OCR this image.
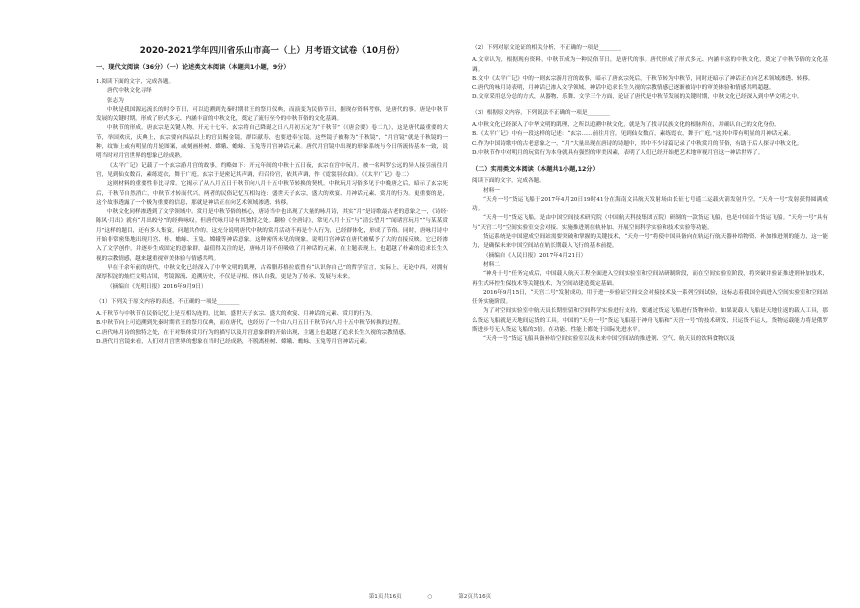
2020-2021学年四川省乐山市高一（上）月考语文试卷（10月份）
一、现代文阅读（36分）（一）论述类文本阅读（本题共1小题，9分）

1.阅读下面的文字，完成各题。

唐代中秋文化寻绎

张志为

中秋是我国源远流长的时令节日，可以追溯到先秦时期君王的祭月仪典，而演变为民俗节日，据现存资料考察，是唐代的事。唐是中秋节发展的关键时期，形成了形式多元、内涵丰富的中秋文化，奠定了流行至今的中秋节俗的文化基调。

中秋节的形成，唐玄宗是关键人物。开元十七年，玄宗将自己降诞之日八月初五定为“千秋节”（《唐会要》卷二九），这是唐代最重要的大节，举国欢庆，庆典上，玄宗要向四品以上的官员赐金镜，群臣献寿，也要进奉宝镜。这些镜子被称为“千秋镜”，“月宫镜”就是千秋镜的一种，纹饰上或有明显的月轮图案，或刻画桂树、嫦娥、蟾蜍、玉兔等月宫神话元素。唐代月宫镜中出现的形象系统与今日所流传基本一致，说明当时对月宫世界的想象已经成熟。

《太平广记》记载了一个玄宗游月宫的故事，约略如下：开元年间的中秋十五日夜，玄宗在宫中玩月，被一名叫罗公远的异人接引前往月宫，见到仙女数百，素练霓衣，舞于广庭。玄宗于是密记其声调，归召伶官，依其声调，作《霓裳羽衣曲》。（《太平广记》卷二）

这则材料的重要性非比寻常。它揭示了从八月五日千秋节向八月十五中秋节转换的契机。中秋玩月习俗多见于中晚唐之后，暗示了玄宗死后，千秋节自然消亡，中秋节才转而代兴。两者的民俗记忆互相勾连：盛世天子玄宗，盛大的欢宴、月神话元素、赏月的行为。更重要的是，这个故事透露了一个极为重要的信息，那就是神话正在向艺术领域渗透、转移。

中秋文化同样渗透到了文学领域中。赏月是中秋节俗的核心，唐诗当中也出现了大量的咏月诗，其实“月”是诗歌最古老的意象之一，《诗经·陈风·月出》就有“月出皎兮”的经典咏叹。但唐代咏月诗有其独特之处。翻检《全唐诗》，常见八月十五”与“清公望月”“闻诸宫玩月”“与某某赏月”这样的题目，还有多人集宴，问题共作的。这充分说明唐代中秋的赏月活动不再是个人行为，已经群体化，形成了节俗。同时，唐咏月诗中开始非常密集地出现月宫、桂、蟾蜍、玉兔、嫦娥等神话意象。这种密所未见的现象，说明月宫神话在唐代被赋予了大的直接反映。它已经渗入了文学创作，并逐步生成固定的意象群。最值得关注的是，唐咏月诗不但吸收了月神话的元素，在主题表现上，也超越了朴素的追求长生久视的宗教情感，越来越重视审美体验与情感共鸣。

早在千余年前的唐代，中秋文化已经深入了中华文明的肌理，古希腊苏格拉底曾有“认识你自己”的哲学宣言，实际上，无论中西，对拥有深厚积淀的灿烂文明古国，考镜源流、追溯历史，不仅是寻根、体认自我，更是为了传承、发展与未来。

（摘编自《光明日报》2016年9月9日）

（1）下列关于原文内容的表述，不正确的一项是________

A.千秋节与中秋节在民俗记忆上是互相勾连的，比如，盛世天子玄宗、盛大的欢宴、月神话的元素、赏月的行为。

B.中秋节向上可追溯到先秦时期君王的祭月仪典，而在唐代，也经历了一个由八月五日千秋节向八月十五中秋节转换的过程。

C.唐代咏月诗的独特之处，在于对集体赏月行为的描写以及月宫意象群的开始出现，主题上也超越了追求长生久视的宗教情感。

D.唐代月宫镜来看，人们对月宫世界的想象在当时已经成熟，不脱离桂树、嫦娥、蟾蜍、玉兔等月宫神话元素。

（2）下列对原文论证的相关分析，不正确的一项是________

A.文章认为，根据现有资料，中秋节成为一种民俗节日，是唐代的事。唐代形成了形式多元、内涵丰富的中秋文化，奠定了中秋节俗的文化基调。

B.文中《太平广记》中的一则玄宗游月宫的故事，暗示了唐玄宗死后，千秋节转为中秋节，同时还暗示了神话正在向艺术领域渗透、转移。

C.唐代的咏月诗表明，月神话已渗入文学领域，神话中追求长生久视的宗教情感已逐渐被诗中的审美体验和情感共鸣超越。

D.文章采用总分总的方式，从器物、乐舞、文学三个方面，论证了唐代是中秋节发展的关键时期，中秋文化已经深入到中华文明之中。

（3）根据原文内容，下列说法不正确的一项是________

A.中秋文化已经深入了中华文明的肌理，之所以追溯中秋文化，就是为了找寻民族文化的根脉所在，并确认自己的文化身份。

B.《太平广记》中有一段这样的记述：“玄宗……前往月宫，见到仙女数百，素练霓衣，舞于广庭。”这其中带有明显的月神话元素。

C.作为中国诗歌中的古老意象之一，“月”大量出现在唐诗的诗题中，其中不少诗篇记录了中秋赏月的节俗，有助于后人探寻中秋文化。

D.中秋节作中对明月的玩赏行为本身就具有强烈的审美因素，表明了人们已经开始把艺术地审视月宫这一神话世界了。

（二）实用类文本阅读（本题共1小题,12分）

阅读下面的文字，完成各题。

材料一

“天舟一号”货运飞船于2017年4月20日19时41分在海南文昌航天发射场由长征七号遥二运载火箭发射升空，“天舟一号”发射获得圆满成功。

“天舟一号”货运飞船，是由中国空间技术研究院（中国航天科技集团五院）研制的一款货运飞船，也是中国首个货运飞船。“天舟一号”具有与“天宫二号”空间实验室交会对接、实施推进剂在轨补加、开展空间科学实验和技术实验等功能。

货运系统是中国建成空间站需要突破和掌握的关键技术，“天舟一号”将使中国具备向在轨运行航天器补给物资、补加推进剂的能力，这一能力，是确保未来中国空间站在轨长期载人飞行的基本前提。

（摘编自《人民日报》2017年4月21日）

材料二

“神舟十号”任务完成后，中国载人航天工程全面进入空间实验室和空间站研制阶段，而在空间实验室阶段，将突破并验证推进剂补加技术，再生式环控生保技术等关键技术，为空间站建造奠定基础。

2016年9月15日，“天宫二号”发射成功，用于进一步验证空间交会对接技术及一系列空间试验，这标志着我国全面进入空间实验室和空间站任务实施阶段。

为了对空间实验室中航天员长期驻留和空间科学实验进行支持，要通过货运飞船进行货物补给。如果说载人飞船是天地往返的载人工具，那么货运飞船就是天地间运货的工具。中国的“天舟一号”货运飞船基于神舟飞船和“天宫一号”的技术研发，只运货不运人，货物运载能力将是俄罗斯进步号无人货运飞船的3倍。在功能、性能上都处于国际先进水平。

“天舟一号”货运飞船具备补给空间实验室以及未来中国空间站的推进剂、空气、航天员的饮料食物以及

第1页共16页	○	第2页共16页
